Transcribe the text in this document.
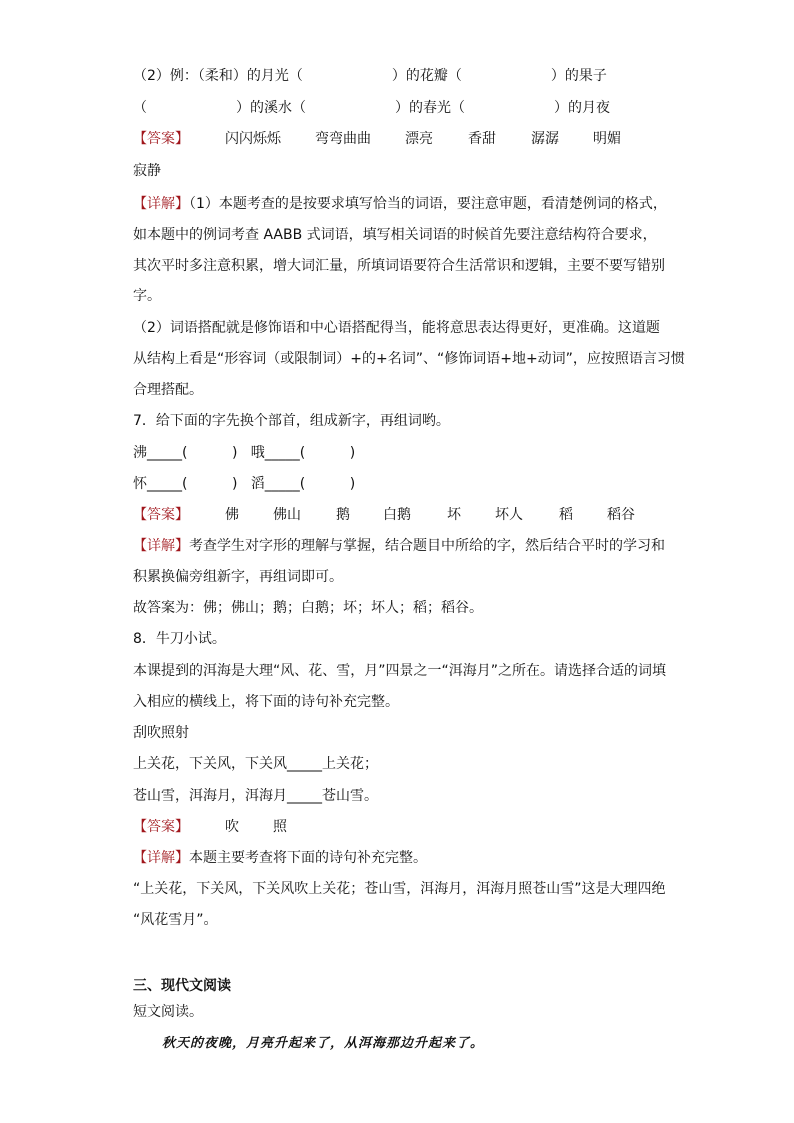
（2）例：（柔和）的月光（                    ）的花瓣（                    ）的果子
（                    ）的溪水（                    ）的春光（                    ）的月夜

【答案】

	闪闪烁烁

弯弯曲曲

漂亮

	香甜

	潺潺

明媚

寂静
【详解】（1）本题考查的是按要求填写恰当的词语，要注意审题，看清楚例词的格式，
如本题中的例词考查 AABB 式词语，填写相关词语的时候首先要注意结构符合要求，
其次平时多注意积累，增大词汇量，所填词语要符合生活常识和逻辑，主要不要写错别
字。
（2）词语搭配就是修饰语和中心语搭配得当，能将意思表达得更好，更准确。这道题
从结构上看是“形容词（或限制词）+的+名词”、“修饰词语+地+动词”，应按照语言习惯
合理搭配。
7．给下面的字先换个部首，组成新字，再组词哟。
沸_____(          )   哦_____(          )
怀_____(          )   滔_____(          )

【答案】

	佛

佛山

	鹅

白鹅

	坏

坏人

	稻

稻谷

【详解】考查学生对字形的理解与掌握，结合题目中所给的字，然后结合平时的学习和
积累换偏旁组新字，再组词即可。
故答案为：佛；佛山；鹅；白鹅；坏；坏人；稻；稻谷。
8．牛刀小试。
本课提到的洱海是大理“风、花、雪，月”四景之一“洱海月”之所在。请选择合适的词填
入相应的横线上，将下面的诗句补充完整。
刮吹照射
上关花，下关风，下关风_____上关花；
苍山雪，洱海月，洱海月_____苍山雪。

【答案】

	吹

照

【详解】本题主要考查将下面的诗句补充完整。
“上关花，下关风，下关风吹上关花；苍山雪，洱海月，洱海月照苍山雪”这是大理四绝
“风花雪月”。
三、现代文阅读
短文阅读。
秋天的夜晚，月亮升起来了，从洱海那边升起来了。
